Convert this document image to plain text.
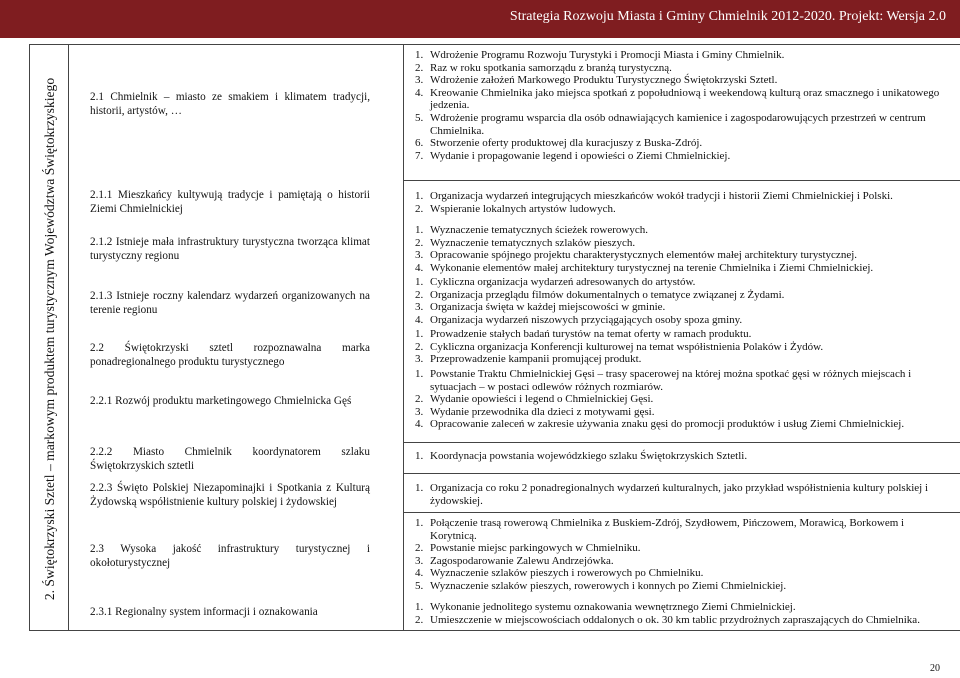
Strategia Rozwoju Miasta i Gminy Chmielnik 2012-2020. Projekt: Wersja 2.0
2. Świętokrzyski Sztetl – markowym produktem turystycznym Województwa Świętokrzyskiego	2.1 Chmielnik – miasto ze smakiem i klimatem tradycji, historii, artystów, …
2.1.1 Mieszkańcy kultywują tradycje i pamiętają o historii Ziemi Chmielnickiej
2.1.2 Istnieje mała infrastruktury turystyczna tworząca klimat turystyczny regionu
2.1.3 Istnieje roczny kalendarz wydarzeń organizowanych na terenie regionu
2.2 Świętokrzyski sztetl rozpoznawalna marka ponadregionalnego produktu turystycznego
2.2.1 Rozwój produktu marketingowego Chmielnicka Gęś
2.2.2 Miasto Chmielnik koordynatorem szlaku Świętokrzyskich sztetli
2.2.3 Święto Polskiej Niezapominajki i Spotkania z Kulturą Żydowską współistnienie kultury polskiej i żydowskiej
2.3 Wysoka jakość infrastruktury turystycznej i okołoturystycznej
2.3.1 Regionalny system informacji i oznakowania
1. Wdrożenie Programu Rozwoju Turystyki i Promocji Miasta i Gminy Chmielnik.
2. Raz w roku spotkania samorządu z branżą turystyczną.
3. Wdrożenie założeń Markowego Produktu Turystycznego Świętokrzyski Sztetl.
4. Kreowanie Chmielnika jako miejsca spotkań z popołudniową i weekendową kulturą oraz smacznego i unikatowego jedzenia.
5. Wdrożenie programu wsparcia dla osób odnawiających kamienice i zagospodarowujących przestrzeń w centrum Chmielnika.
6. Stworzenie oferty produktowej dla kuracjuszy z Buska-Zdrój.
7. Wydanie i propagowanie legend i opowieści o Ziemi Chmielnickiej.
1. Organizacja wydarzeń integrujących mieszkańców wokół tradycji i historii Ziemi Chmielnickiej i Polski.
2. Wspieranie lokalnych artystów ludowych.
1. Wyznaczenie tematycznych ścieżek rowerowych.
2. Wyznaczenie tematycznych szlaków pieszych.
3. Opracowanie spójnego projektu charakterystycznych elementów małej architektury turystycznej.
4. Wykonanie elementów małej architektury turystycznej na terenie Chmielnika i Ziemi Chmielnickiej.
1. Cykliczna organizacja wydarzeń adresowanych do artystów.
2. Organizacja przeglądu filmów dokumentalnych o tematyce związanej z Żydami.
3. Organizacja święta w każdej miejscowości w gminie.
4. Organizacja wydarzeń niszowych przyciągających osoby spoza gminy.
1. Prowadzenie stałych badań turystów na temat oferty w ramach produktu.
2. Cykliczna organizacja Konferencji kulturowej na temat współistnienia Polaków i Żydów.
3. Przeprowadzenie kampanii promującej produkt.
1. Powstanie Traktu Chmielnickiej Gęsi – trasy spacerowej na której można spotkać gęsi w różnych miejscach i sytuacjach – w postaci odlewów różnych rozmiarów.
2. Wydanie opowieści i legend o Chmielnickiej Gęsi.
3. Wydanie przewodnika dla dzieci z motywami gęsi.
4. Opracowanie zaleceń w zakresie używania znaku gęsi do promocji produktów i usług Ziemi Chmielnickiej.
1. Koordynacja powstania wojewódzkiego szlaku Świętokrzyskich Sztetli.
1. Organizacja co roku 2 ponadregionalnych wydarzeń kulturalnych, jako przykład współistnienia kultury polskiej i żydowskiej.
1. Połączenie trasą rowerową Chmielnika z Buskiem-Zdrój, Szydłowem, Pińczowem, Morawicą, Borkowem i Korytnicą.
2. Powstanie miejsc parkingowych w Chmielniku.
3. Zagospodarowanie Zalewu Andrzejówka.
4. Wyznaczenie szlaków pieszych i rowerowych po Chmielniku.
5. Wyznaczenie szlaków pieszych, rowerowych i konnych po Ziemi Chmielnickiej.
1. Wykonanie jednolitego systemu oznakowania wewnętrznego Ziemi Chmielnickiej.
2. Umieszczenie w miejscowościach oddalonych o ok. 30 km tablic przydrożnych zapraszających do Chmielnika.
20
